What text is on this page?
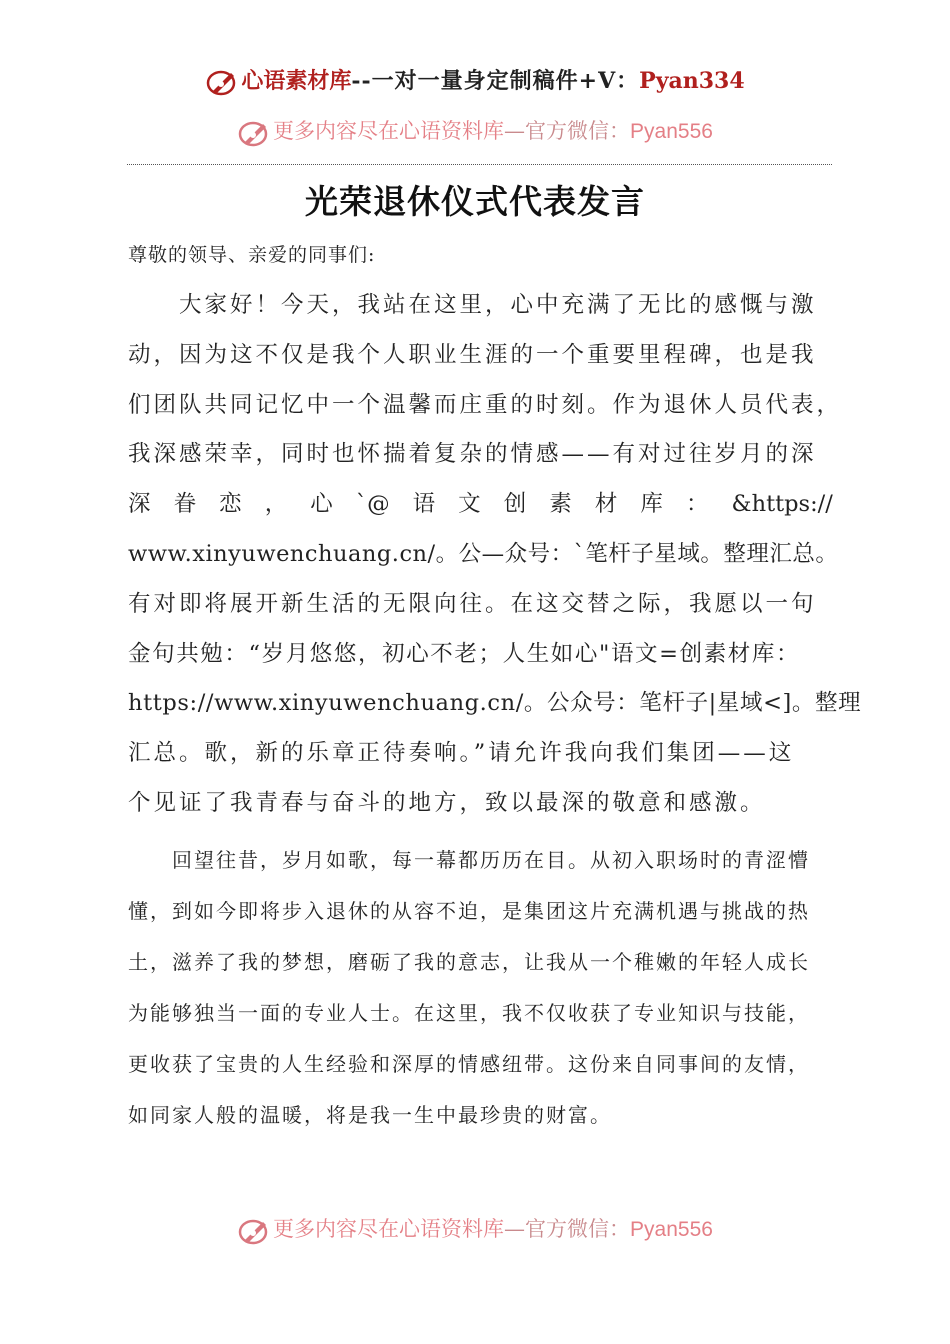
心语素材库--一对一量身定制稿件+V：Pyan334
更多内容尽在心语资料库—官方微信：Pyan556
光荣退休仪式代表发言
尊敬的领导、亲爱的同事们:
　　大家好！今天，我站在这里，心中充满了无比的感慨与激
动，因为这不仅是我个人职业生涯的一个重要里程碑，也是我
们团队共同记忆中一个温馨而庄重的时刻。作为退休人员代表，
我深感荣幸，同时也怀揣着复杂的情感——有对过往岁月的深
深 眷 恋 ， 心 `@ 语 文 创 素 材 库 ： &https://
www.xinyuwenchuang.cn/。公—众号：`笔杆子星域。整理汇总。
有对即将展开新生活的无限向往。在这交替之际，我愿以一句
金句共勉：“岁月悠悠，初心不老；人生如心"语文=创素材库：
https://www.xinyuwenchuang.cn/。公众号：笔杆子|星域<]。整理
汇总。歌，新的乐章正待奏响。”请允许我向我们集团——这
个见证了我青春与奋斗的地方，致以最深的敬意和感激。
　　回望往昔，岁月如歌，每一幕都历历在目。从初入职场时的青涩懵
懂，到如今即将步入退休的从容不迫，是集团这片充满机遇与挑战的热
土，滋养了我的梦想，磨砺了我的意志，让我从一个稚嫩的年轻人成长
为能够独当一面的专业人士。在这里，我不仅收获了专业知识与技能，
更收获了宝贵的人生经验和深厚的情感纽带。这份来自同事间的友情，
如同家人般的温暖，将是我一生中最珍贵的财富。
更多内容尽在心语资料库—官方微信：Pyan556
